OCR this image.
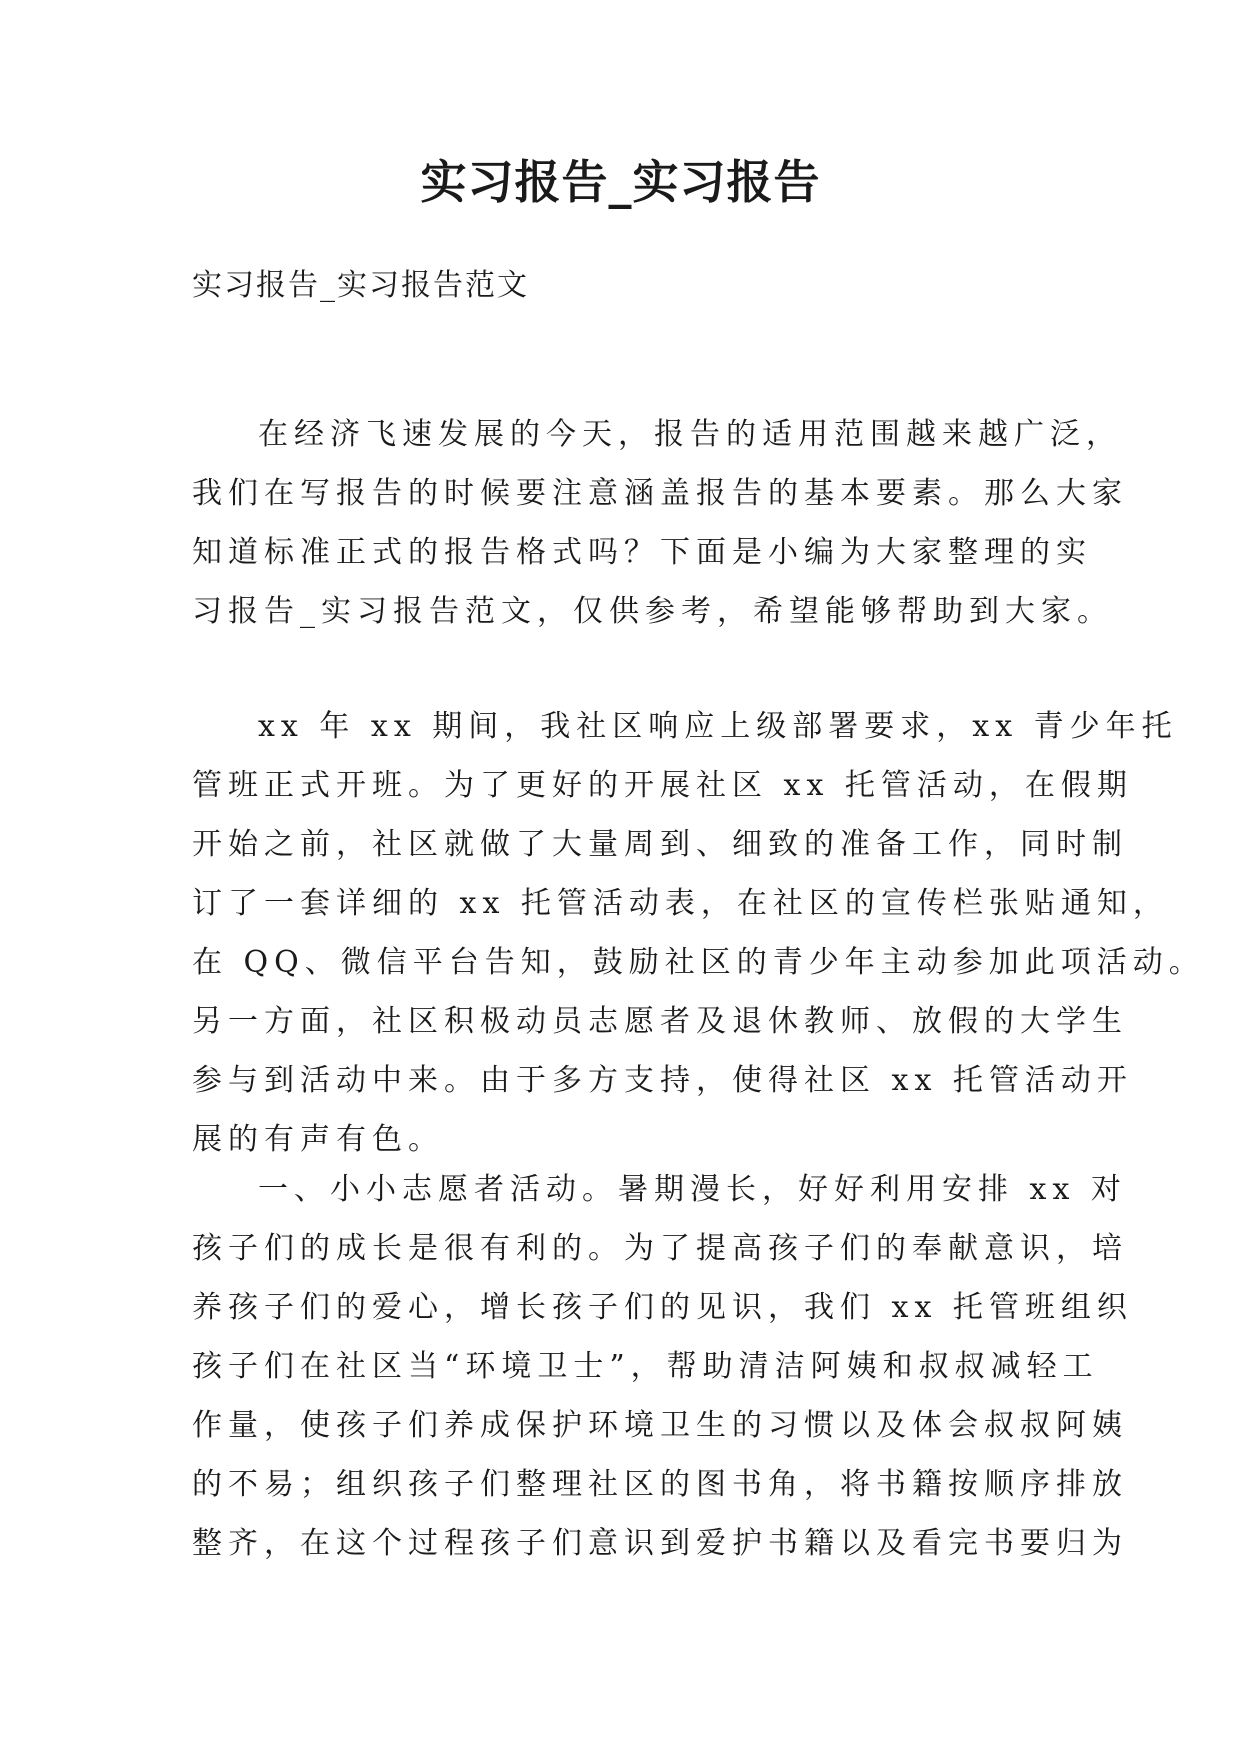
实习报告_实习报告

实习报告_实习报告范文

在经济飞速发展的今天，报告的适用范围越来越广泛，
我们在写报告的时候要注意涵盖报告的基本要素。那么大家
知道标准正式的报告格式吗？下面是小编为大家整理的实
习报告_实习报告范文，仅供参考，希望能够帮助到大家。
xx 年 xx 期间，我社区响应上级部署要求，xx 青少年托
管班正式开班。为了更好的开展社区 xx 托管活动，在假期
开始之前，社区就做了大量周到、细致的准备工作，同时制
订了一套详细的 xx 托管活动表，在社区的宣传栏张贴通知，
在 QQ、微信平台告知，鼓励社区的青少年主动参加此项活动。
另一方面，社区积极动员志愿者及退休教师、放假的大学生
参与到活动中来。由于多方支持，使得社区 xx 托管活动开
展的有声有色。
一、小小志愿者活动。暑期漫长，好好利用安排 xx 对
孩子们的成长是很有利的。为了提高孩子们的奉献意识，培
养孩子们的爱心，增长孩子们的见识，我们 xx 托管班组织
孩子们在社区当“环境卫士”，帮助清洁阿姨和叔叔减轻工
作量，使孩子们养成保护环境卫生的习惯以及体会叔叔阿姨
的不易；组织孩子们整理社区的图书角，将书籍按顺序排放
整齐，在这个过程孩子们意识到爱护书籍以及看完书要归为
